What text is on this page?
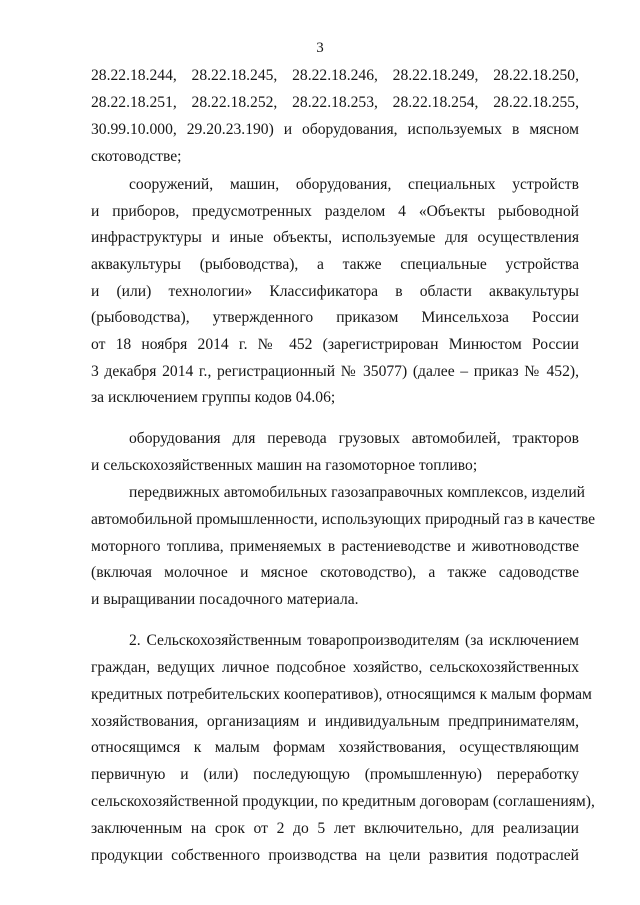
3
28.22.18.244, 28.22.18.245, 28.22.18.246, 28.22.18.249, 28.22.18.250,
28.22.18.251, 28.22.18.252, 28.22.18.253, 28.22.18.254, 28.22.18.255,
30.99.10.000, 29.20.23.190) и оборудования, используемых в мясном
скотоводстве;
сооружений, машин, оборудования, специальных устройств
и приборов, предусмотренных разделом 4 «Объекты рыбоводной
инфраструктуры и иные объекты, используемые для осуществления
аквакультуры (рыбоводства), а также специальные устройства
и (или) технологии» Классификатора в области аквакультуры
(рыбоводства), утвержденного приказом Минсельхоза России
от 18 ноября 2014 г. № 452 (зарегистрирован Минюстом России
3 декабря 2014 г., регистрационный № 35077) (далее – приказ № 452),
за исключением группы кодов 04.06;
оборудования для перевода грузовых автомобилей, тракторов
и сельскохозяйственных машин на газомоторное топливо;
передвижных автомобильных газозаправочных комплексов, изделий
автомобильной промышленности, использующих природный газ в качестве
моторного топлива, применяемых в растениеводстве и животноводстве
(включая молочное и мясное скотоводство), а также садоводстве
и выращивании посадочного материала.
2. Сельскохозяйственным товаропроизводителям (за исключением
граждан, ведущих личное подсобное хозяйство, сельскохозяйственных
кредитных потребительских кооперативов), относящимся к малым формам
хозяйствования, организациям и индивидуальным предпринимателям,
относящимся к малым формам хозяйствования, осуществляющим
первичную и (или) последующую (промышленную) переработку
сельскохозяйственной продукции, по кредитным договорам (соглашениям),
заключенным на срок от 2 до 5 лет включительно, для реализации
продукции собственного производства на цели развития подотраслей
